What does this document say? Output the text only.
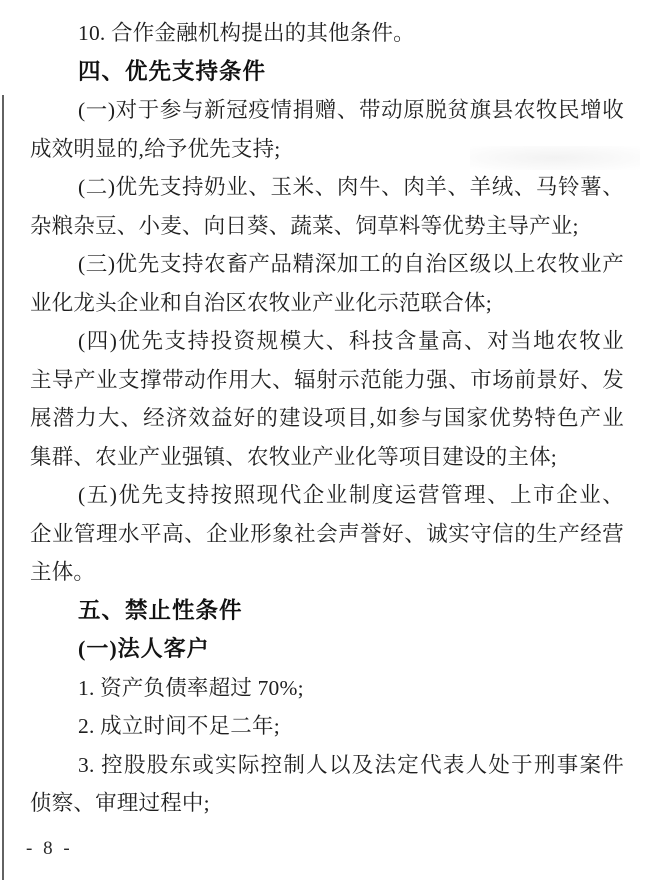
10. 合作金融机构提出的其他条件。
四、优先支持条件
(一)对于参与新冠疫情捐赠、带动原脱贫旗县农牧民增收
成效明显的,给予优先支持;
(二)优先支持奶业、玉米、肉牛、肉羊、羊绒、马铃薯、
杂粮杂豆、小麦、向日葵、蔬菜、饲草料等优势主导产业;
(三)优先支持农畜产品精深加工的自治区级以上农牧业产
业化龙头企业和自治区农牧业产业化示范联合体;
(四)优先支持投资规模大、科技含量高、对当地农牧业
主导产业支撑带动作用大、辐射示范能力强、市场前景好、发
展潜力大、经济效益好的建设项目,如参与国家优势特色产业
集群、农业产业强镇、农牧业产业化等项目建设的主体;
(五)优先支持按照现代企业制度运营管理、上市企业、
企业管理水平高、企业形象社会声誉好、诚实守信的生产经营
主体。
五、禁止性条件
(一)法人客户
1. 资产负债率超过 70%;
2. 成立时间不足二年;
3. 控股股东或实际控制人以及法定代表人处于刑事案件
侦察、审理过程中;
- 8 -
